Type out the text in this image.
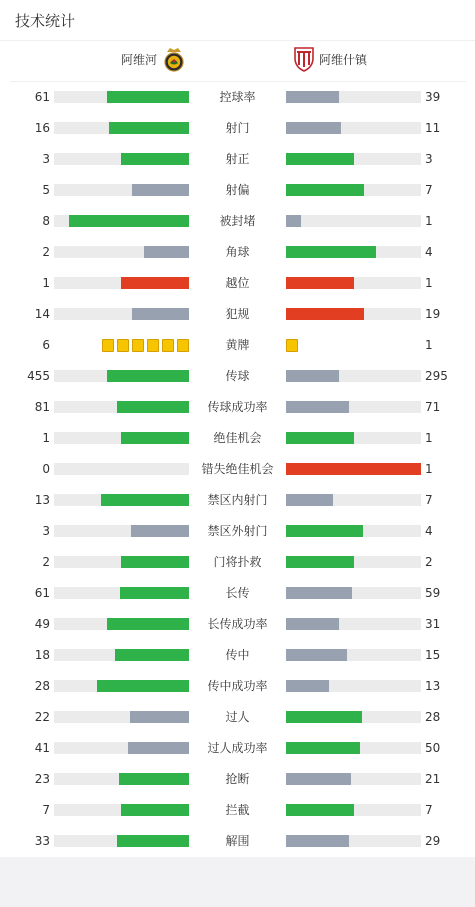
技术统计
阿维河	阿维什镇
61	控球率	39
16	射门	11
3	射正	3
5	射偏	7
8	被封堵	1
2	角球	4
1	越位	1
14	犯规	19
6	黄牌	1
455	传球	295
81	传球成功率	71
1	绝佳机会	1
0	错失绝佳机会	1
13	禁区内射门	7
3	禁区外射门	4
2	门将扑救	2
61	长传	59
49	长传成功率	31
18	传中	15
28	传中成功率	13
22	过人	28
41	过人成功率	50
23	抢断	21
7	拦截	7
33	解围	29
